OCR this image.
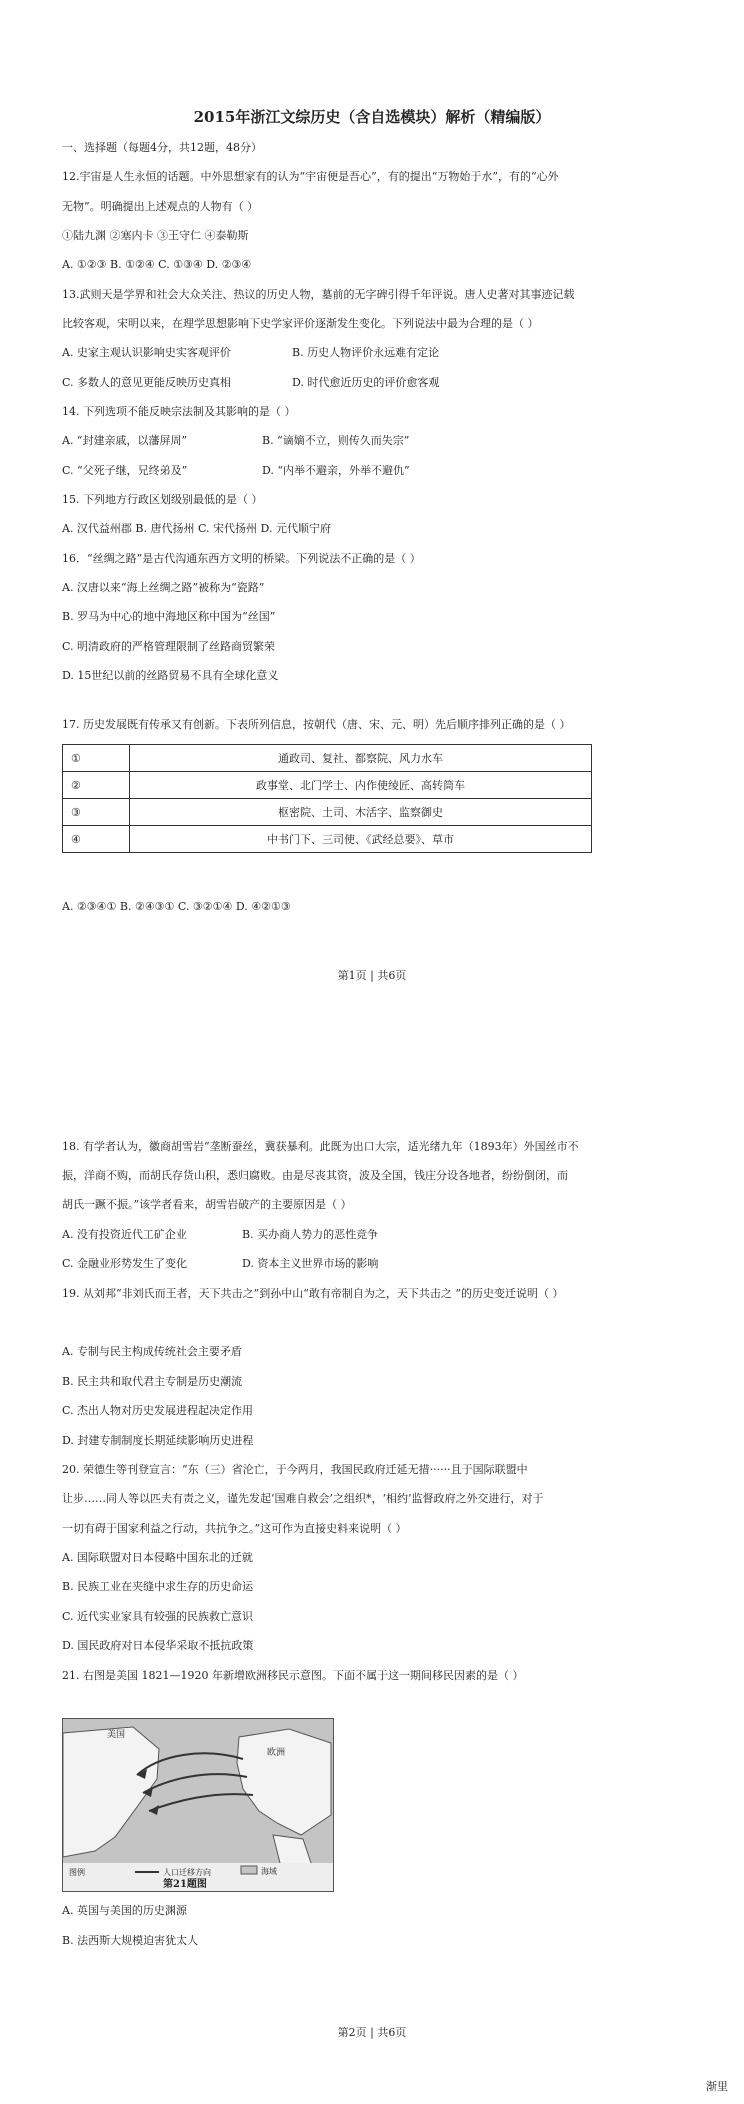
2015年浙江文综历史（含自选模块）解析（精编版）
一、选择题（每题4分，共12题，48分）
12.宇宙是人生永恒的话题。中外思想家有的认为“宇宙便是吾心”，有的提出“万物始于水”，有的“心外
无物”。明确提出上述观点的人物有（ ）
①陆九渊 ②塞内卡 ③王守仁 ④泰勒斯
A. ①②③ B. ①②④ C. ①③④ D. ②③④
13.武则天是学界和社会大众关注、热议的历史人物，墓前的无字碑引得千年评说。唐人史著对其事迹记载
比较客观，宋明以来，在理学思想影响下史学家评价逐渐发生变化。下列说法中最为合理的是（ ）
A. 史家主观认识影响史实客观评价	B. 历史人物评价永远难有定论
C. 多数人的意见更能反映历史真相	D. 时代愈近历史的评价愈客观
14. 下列选项不能反映宗法制及其影响的是（ ）
A. “封建亲戚，以藩屏周”	B. “谪嫡不立，则传久而失宗”
C. “父死子继，兄终弟及”	D. “内举不避亲，外举不避仇”
15. 下列地方行政区划级别最低的是（ ）
A. 汉代益州郡 B. 唐代扬州 C. 宋代扬州 D. 元代顺宁府
16．“丝绸之路”是古代沟通东西方文明的桥梁。下列说法不正确的是（ ）
A. 汉唐以来“海上丝绸之路”被称为“瓷路”
B. 罗马为中心的地中海地区称中国为“丝国”
C. 明清政府的严格管理限制了丝路商贸繁荣
D. 15世纪以前的丝路贸易不具有全球化意义
17. 历史发展既有传承又有创新。下表所列信息，按朝代（唐、宋、元、明）先后顺序排列正确的是（ ）
①	通政司、复社、都察院、风力水车
②	政事堂、北门学士、内作使绫匠、高转筒车
③	枢密院、土司、木活字、监察御史
④	中书门下、三司使、《武经总要》、草市
A. ②③④① B. ②④③① C. ③②①④ D. ④②①③
第1页 | 共6页
18. 有学者认为，徽商胡雪岩“垄断蚕丝，冀获暴利。此既为出口大宗，适光绪九年（1893年）外国丝市不
振，洋商不购，而胡氏存货山积，悉归腐败。由是尽丧其资，波及全国，钱庄分设各地者，纷纷倒闭，而
胡氏一蹶不振。”该学者看来，胡雪岩破产的主要原因是（ ）
A. 没有投资近代工矿企业	B. 买办商人势力的恶性竞争
C. 金融业形势发生了变化	D. 资本主义世界市场的影响
19. 从刘邦“非刘氏而王者，天下共击之”到孙中山“敢有帝制自为之，天下共击之 ”的历史变迁说明（ ）
A. 专制与民主构成传统社会主要矛盾
B. 民主共和取代君主专制是历史潮流
C. 杰出人物对历史发展进程起决定作用
D. 封建专制制度长期延续影响历史进程
20. 荣德生等刊登宣言：“东（三）省沦亡，于今两月，我国民政府迁延无措······且于国际联盟中
让步……同人等以匹夫有责之义，谨先发起‘国难自救会’之组织*，‘相约’监督政府之外交进行，对于
一切有碍于国家利益之行动，共抗争之。”这可作为直接史料来说明（ ）
A. 国际联盟对日本侵略中国东北的迁就
B. 民族工业在夹缝中求生存的历史命运
C. 近代实业家具有较强的民族救亡意识
D. 国民政府对日本侵华采取不抵抗政策
21. 右图是美国 1821—1920 年新增欧洲移民示意图。下面不属于这一期间移民因素的是（ ）
美国
欧洲
图例	人口迁移方向	海域
第21题图
A. 英国与美国的历史渊源
B. 法西斯大规模迫害犹太人
第2页 | 共6页
渐里
